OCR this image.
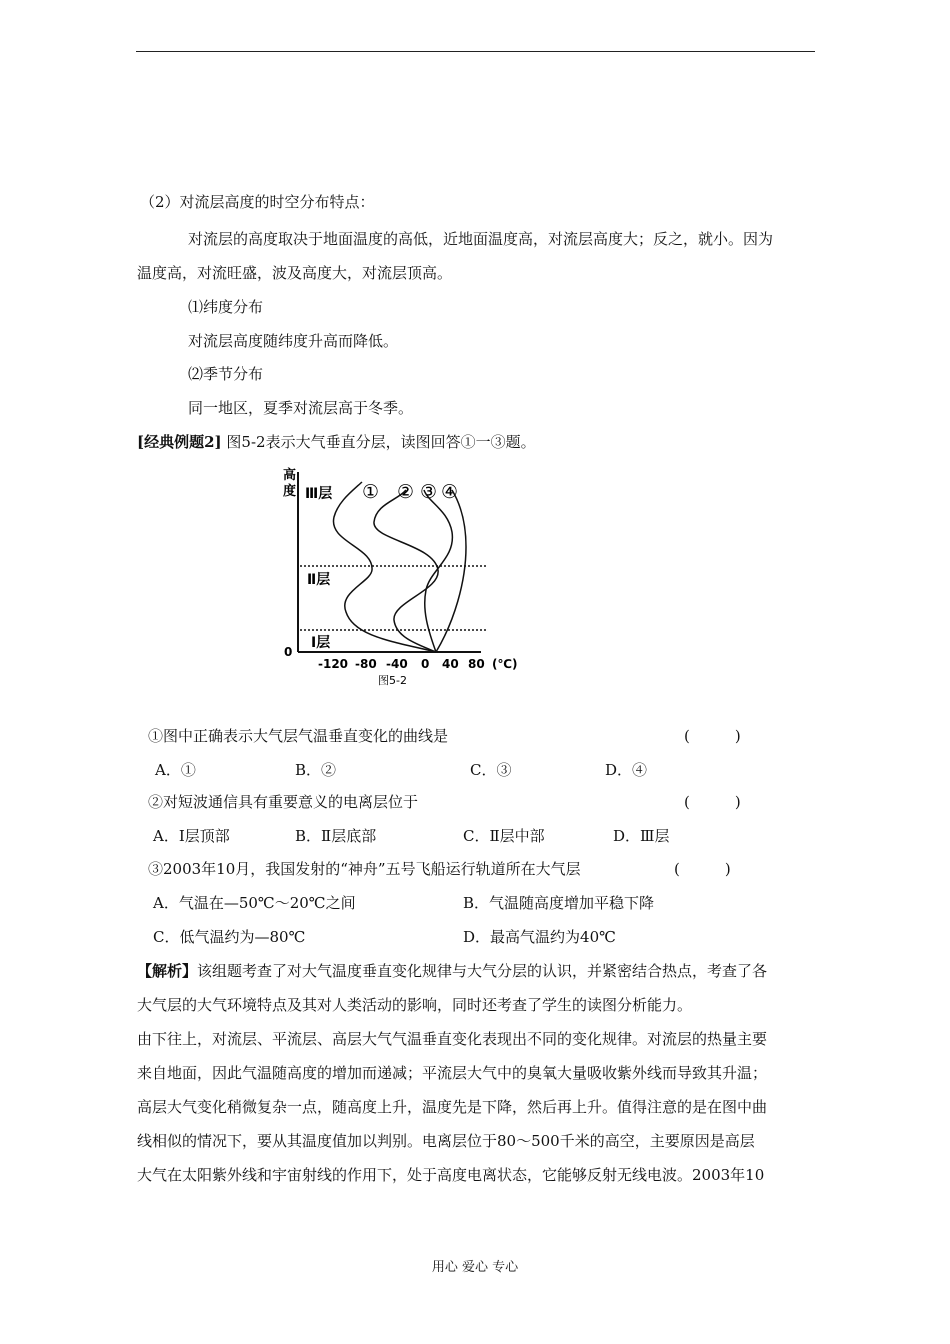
（2）对流层高度的时空分布特点：
对流层的高度取决于地面温度的高低，近地面温度高，对流层高度大；反之，就小。因为
温度高，对流旺盛，波及高度大，对流层顶高。
⑴纬度分布
对流层高度随纬度升高而降低。
⑵季节分布
同一地区，夏季对流层高于冬季。
[经典例题2] 图5-2表示大气垂直分层，读图回答①一③题。
高
度 Ⅲ层
Ⅱ层
Ⅰ层
① ② ③ ④
0
-120 -80 -40 0 40 80 (℃)
图5-2
①图中正确表示大气层气温垂直变化的曲线是	(　　　)
A．①	B．②	C．③	D．④
②对短波通信具有重要意义的电离层位于	(　　　)
A．Ⅰ层顶部	B．Ⅱ层底部	C．Ⅱ层中部	D．Ⅲ层
③2003年10月，我国发射的“神舟”五号飞船运行轨道所在大气层	(　　　)
A．气温在—50℃～20℃之间	B．气温随高度增加平稳下降
C．低气温约为—80℃	D．最高气温约为40℃
【解析】该组题考查了对大气温度垂直变化规律与大气分层的认识，并紧密结合热点，考查了各
大气层的大气环境特点及其对人类活动的影响，同时还考查了学生的读图分析能力。
由下往上，对流层、平流层、高层大气气温垂直变化表现出不同的变化规律。对流层的热量主要
来自地面，因此气温随高度的增加而递减；平流层大气中的臭氧大量吸收紫外线而导致其升温；
高层大气变化稍微复杂一点，随高度上升，温度先是下降，然后再上升。值得注意的是在图中曲
线相似的情况下，要从其温度值加以判别。电离层位于80～500千米的高空，主要原因是高层
大气在太阳紫外线和宇宙射线的作用下，处于高度电离状态，它能够反射无线电波。2003年10
用心 爱心 专心
